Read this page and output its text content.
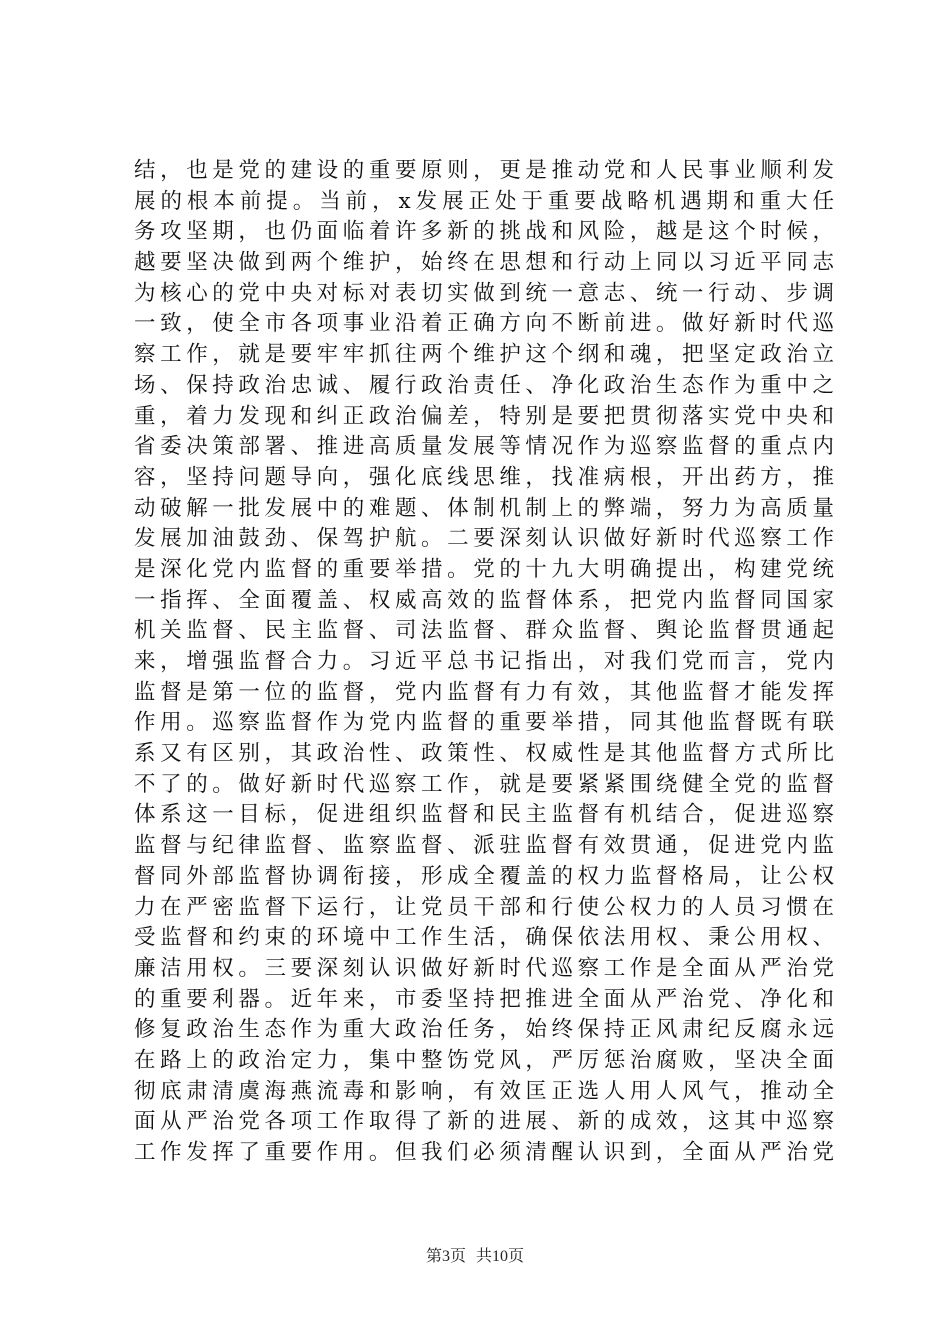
结，也是党的建设的重要原则，更是推动党和人民事业顺利发
展的根本前提。当前，x发展正处于重要战略机遇期和重大任
务攻坚期，也仍面临着许多新的挑战和风险，越是这个时候，
越要坚决做到两个维护，始终在思想和行动上同以习近平同志
为核心的党中央对标对表切实做到统一意志、统一行动、步调
一致，使全市各项事业沿着正确方向不断前进。做好新时代巡
察工作，就是要牢牢抓往两个维护这个纲和魂，把坚定政治立
场、保持政治忠诚、履行政治责任、净化政治生态作为重中之
重，着力发现和纠正政治偏差，特别是要把贯彻落实党中央和
省委决策部署、推进高质量发展等情况作为巡察监督的重点内
容，坚持问题导向，强化底线思维，找准病根，开出药方，推
动破解一批发展中的难题、体制机制上的弊端，努力为高质量
发展加油鼓劲、保驾护航。二要深刻认识做好新时代巡察工作
是深化党内监督的重要举措。党的十九大明确提出，构建党统
一指挥、全面覆盖、权威高效的监督体系，把党内监督同国家
机关监督、民主监督、司法监督、群众监督、舆论监督贯通起
来，增强监督合力。习近平总书记指出，对我们党而言，党内
监督是第一位的监督，党内监督有力有效，其他监督才能发挥
作用。巡察监督作为党内监督的重要举措，同其他监督既有联
系又有区别，其政治性、政策性、权威性是其他监督方式所比
不了的。做好新时代巡察工作，就是要紧紧围绕健全党的监督
体系这一目标，促进组织监督和民主监督有机结合，促进巡察
监督与纪律监督、监察监督、派驻监督有效贯通，促进党内监
督同外部监督协调衔接，形成全覆盖的权力监督格局，让公权
力在严密监督下运行，让党员干部和行使公权力的人员习惯在
受监督和约束的环境中工作生活，确保依法用权、秉公用权、
廉洁用权。三要深刻认识做好新时代巡察工作是全面从严治党
的重要利器。近年来，市委坚持把推进全面从严治党、净化和
修复政治生态作为重大政治任务，始终保持正风肃纪反腐永远
在路上的政治定力，集中整饬党风，严厉惩治腐败，坚决全面
彻底肃清虞海燕流毒和影响，有效匡正选人用人风气，推动全
面从严治党各项工作取得了新的进展、新的成效，这其中巡察
工作发挥了重要作用。但我们必须清醒认识到，全面从严治党
第3页 共10页
